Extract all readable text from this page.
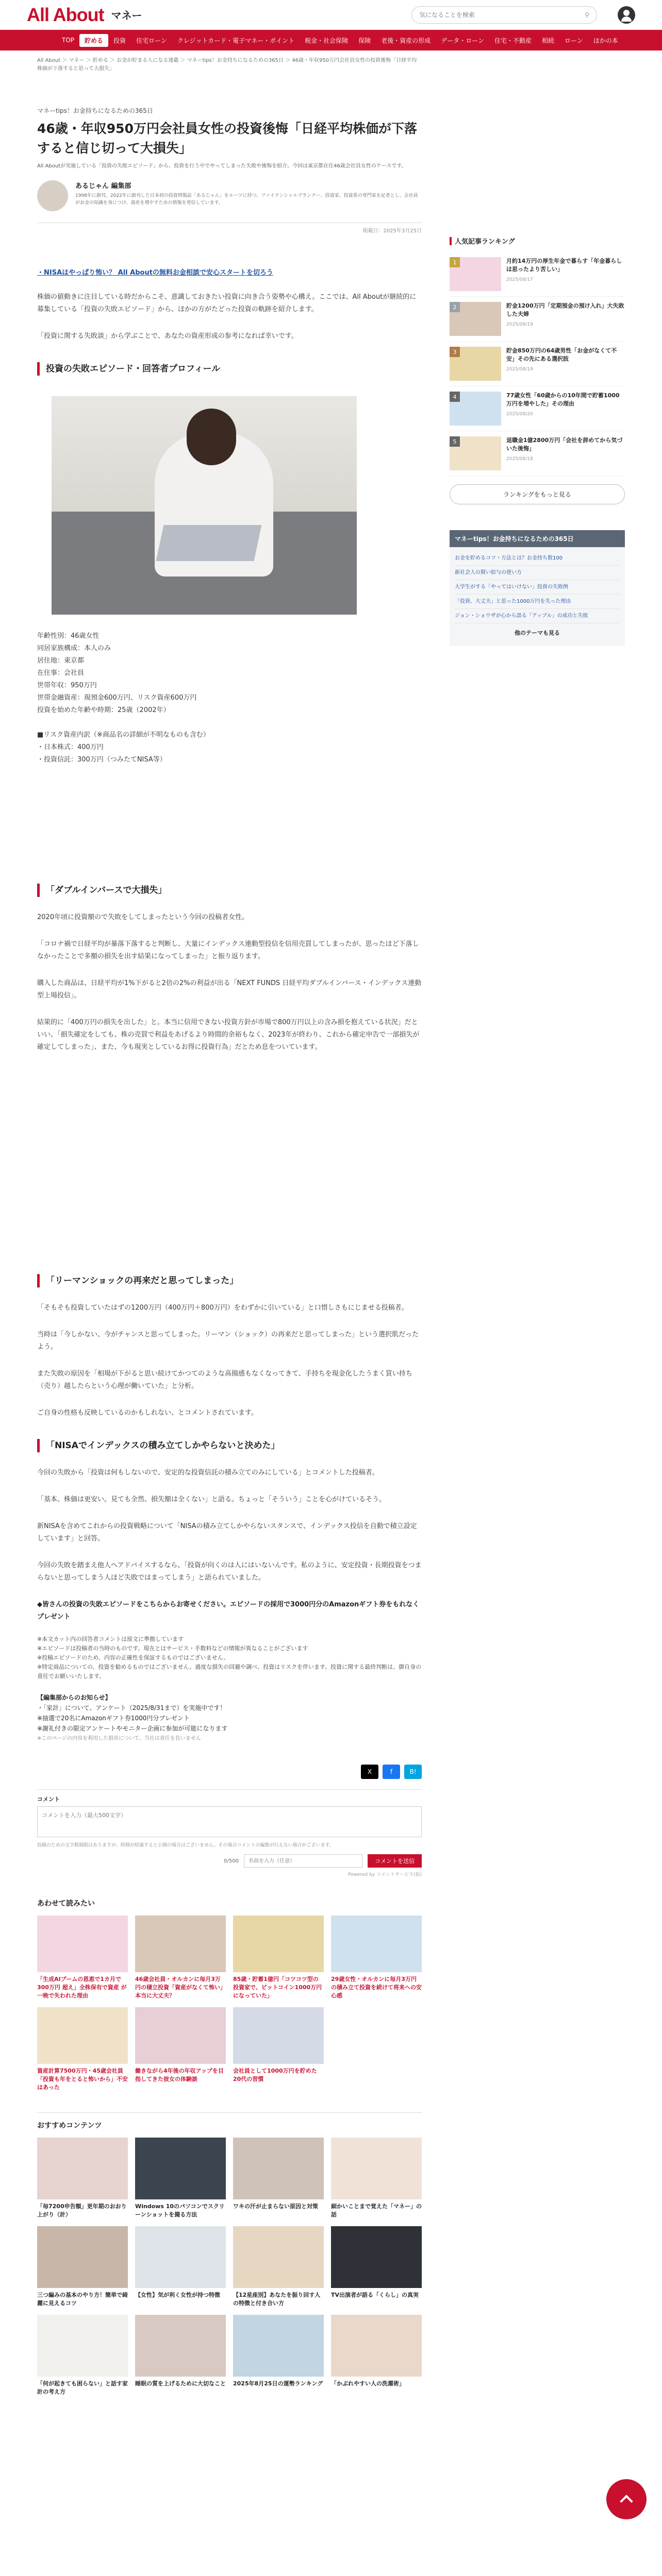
All About マネー
気になることを検索	⚲
TOP	貯める	投資	住宅ローン	クレジットカード・電子マネー・ポイント	税金・社会保険	保険	老後・資産の形成	データ・ローン	住宅・不動産	相続	ローン	ほかの本
All About ＞ マネー ＞ 貯める ＞ お金が貯まる人になる連載 ＞ マネーtips！お金持ちになるための365日 ＞ 46歳・年収950万円会社員女性の投資後悔「日経平均株価が下落すると思って大損失」
マネーtips！お金持ちになるための365日
46歳・年収950万円会社員女性の投資後悔「日経平均株価が下落すると信じ切って大損失」

All Aboutが実施している「投資の失敗エピソード」から、投資を行う中でやってしまった失敗や後悔を紹介。今回は東京都在住46歳会社員女性のケースです。

あるじゃん 編集部
1998年に創刊。2022年に創刊した日本初の投資情報誌「あるじゃん」をルーツに持つ。ファイナンシャルプランナー、投資家、投資系の専門家を記者とし、会社員がお金の知識を身につけ、資産を増やすための情報を発信しています。
掲載日：2025年3月25日
・NISAはやっぱり怖い？ All Aboutの無料お金相談で安心スタートを切ろう

株価の値動きに注目している時だからこそ、意識しておきたい投資に向き合う姿勢や心構え。ここでは、All Aboutが継続的に募集している「投資の失敗エピソード」から、ほかの方がたどった投資の軌跡を紹介します。

「投資に関する失敗談」から学ぶことで、あなたの資産形成の参考になれば幸いです。

投資の失敗エピソード・回答者プロフィール
年齢性別：46歳女性
同居家族構成：本人のみ
居住地：東京都
在住事：会社員
世帯年収：950万円
世帯金融資産：現預金600万円、リスク資産600万円
投資を始めた年齢や時期：25歳（2002年）
■リスク資産内訳（※商品名の詳細が不明なものも含む）
・日本株式：400万円
・投資信託：300万円（つみたてNISA等）
「ダブルインバースで大損失」

2020年頃に投資額ので失敗をしてしまったという今回の投稿者女性。

「コロナ禍で日経平均が暴落下落すると判断し、大量にインデックス連動型投信を信用売買してしまったが、思ったほど下落しなかったことで多額の損失を出す結果になってしまった」と振り返ります。

購入した商品は、日経平均が1%下がると2倍の2%の利益が出る「NEXT FUNDS 日経平均ダブルインバース・インデックス連動型上場投信」。

結果的に「400万円の損失を出した」と。本当に信用できない投資方針が市場で800万円以上の含み損を抱えている状況」だといい、「損失確定をしても、株の売買で利益をあげるより時間的余裕もなく、2023年が終わり、これから確定申告で一部損失が確定してしまった」、また、今も現実としているお得に投資行為」だとため息をついています。

「リーマンショックの再来だと思ってしまった」

「そもそも投資していたはずの1200万円（400万円＋800万円）をわずかに引いている」と口惜しさもにじませる投稿者。

当時は「今しかない、今がチャンスと思ってしまった。リーマン（ショック）の再来だと思ってしまった」という選択肌だったよう。

また失敗の原因を「相場が下がると思い続けてかつてのような高揚感もなくなってきて、手持ちを現金化したうまく買い持ち（売り）越したらという心理が働いていた」と分析。

ご自身の性格も反映しているのかもしれない、とコメントされています。

「NISAでインデックスの積み立てしかやらないと決めた」

今回の失敗から「投資は何もしないので、安定的な投資信託の積み立てのみにしている」とコメントした投稿者。

「基本、株価は更安い。見ても全然、損失額は全くない」と語る。ちょっと「そういう」ことを心がけているそう。

新NISAを含めてこれからの投資戦略について「NISAの積み立てしかやらないスタンスで、インデックス投信を自動で積立設定しています」と回答。

今回の失敗を踏まえ他人へアドバイスするなら、「投資が向くのは人にはいないんです。私のように、安定投資・長期投資をつまらないと思ってしまう人ほど失敗ではまってしまう」と語られていました。

◆皆さんの投資の失敗エピソードをこちらからお寄せください。エピソードの採用で3000円分のAmazonギフト券をもれなくプレゼント

※本文カット内の回答者コメントは原文に準拠しています
※エピソードは投稿者の当時のものです。現在とはサービス・手数料などの情報が異なることがございます
※投稿エピソードのため、内容の正確性を保証するものではございません。
※特定商品についての、投資を勧めるものではございません。過度な損失の回避や調べ、投資はリスクを伴います。投資に関する最終判断は、御自身の責任でお願いいたします。
【編集部からのお知らせ】
・「家計」について、アンケート（2025/8/31まで）を実施中です！
※抽選で20名にAmazonギフト券1000円分プレゼント
※謝礼付きの限定アンケートやモニター企画に参加が可能になります
※このページの内容を利用した損害について、当社は責任を負いません
X	f	B!
コメント
コメントを入力（最大500文字）
投稿のための文字数制限はありますが、時間が経過すると公開の場合はございません。その場合コメントの編集が行えない場合がございます。
0/500
名前を入力（任意）	コメントを送信
Powered by コメントサービス(仮)
あわせて読みたい
「生成AIブームの恩恵で1カ月で300万円 超え」全株保有で資産 が一晩で失われた理由
46歳会社員・オルカンに毎月3万円の積立投資「資産がなくて怖い」本当に大丈夫？
85歳・貯蓄1億円「コツコツ型の投資家で、ビットコイン1000万円になっていた」
29歳女性・オルカンに毎月3万円の積み立て投資を続けて将来への安心感
資産計算7500万円・45歳会社員「投資も年をとると怖いから」不安はあった
働きながら4年後の年収アップを目指してきた彼女の体験談
会社員として1000万円を貯めた20代の習慣
おすすめコンテンツ
「毎7200申告額」更年期のおおり上がり（計）
Windows 10のパソコンでスクリーンショットを撮る方法
ワキの汗が止まらない原因と対策	細かいことまで覚えた「マネー」の話
三つ編みの基本のやり方！簡単で綺麗に見えるコツ
【女性】気が利く女性が持つ特徴	【12星座別】あなたを振り回す人の特徴と付き合い方
TV出演者が語る「くらし」の真実
「何が起きても困らない」と話す家計の考え方
睡眠の質を上げるために大切なこと 2025年8月25日の運勢ランキング 「かぶれやすい人の洗濯術」
人気記事ランキング
1	月約14万円の厚生年金で暮らす「年金暮らしは思ったより苦しい」
2025/08/17
2	貯金1200万円「定期預金の預け入れ」大失敗した夫婦
2025/08/19
3	貯金850万円の64歳男性「お金がなくて不安」その先にある選択肢
2025/08/19
4	77歳女性「60歳からの10年間で貯蓄1000万円を増やした」その理由
2025/08/20
5	退職金1億2800万円「会社を辞めてから気づいた後悔」
2025/08/18
ランキングをもっと見る
マネーtips！お金持ちになるための365日
お金を貯めるコツ・方法とは？お金持ち数100
新社会人の賢い給与の使い方
大学生がする「やってはいけない」投資の失敗例
「投資、大丈夫」と思った1000万円を失った理由
ジョン・ショウザが心から語る「アップル」の成功と失敗
他のテーマも見る
